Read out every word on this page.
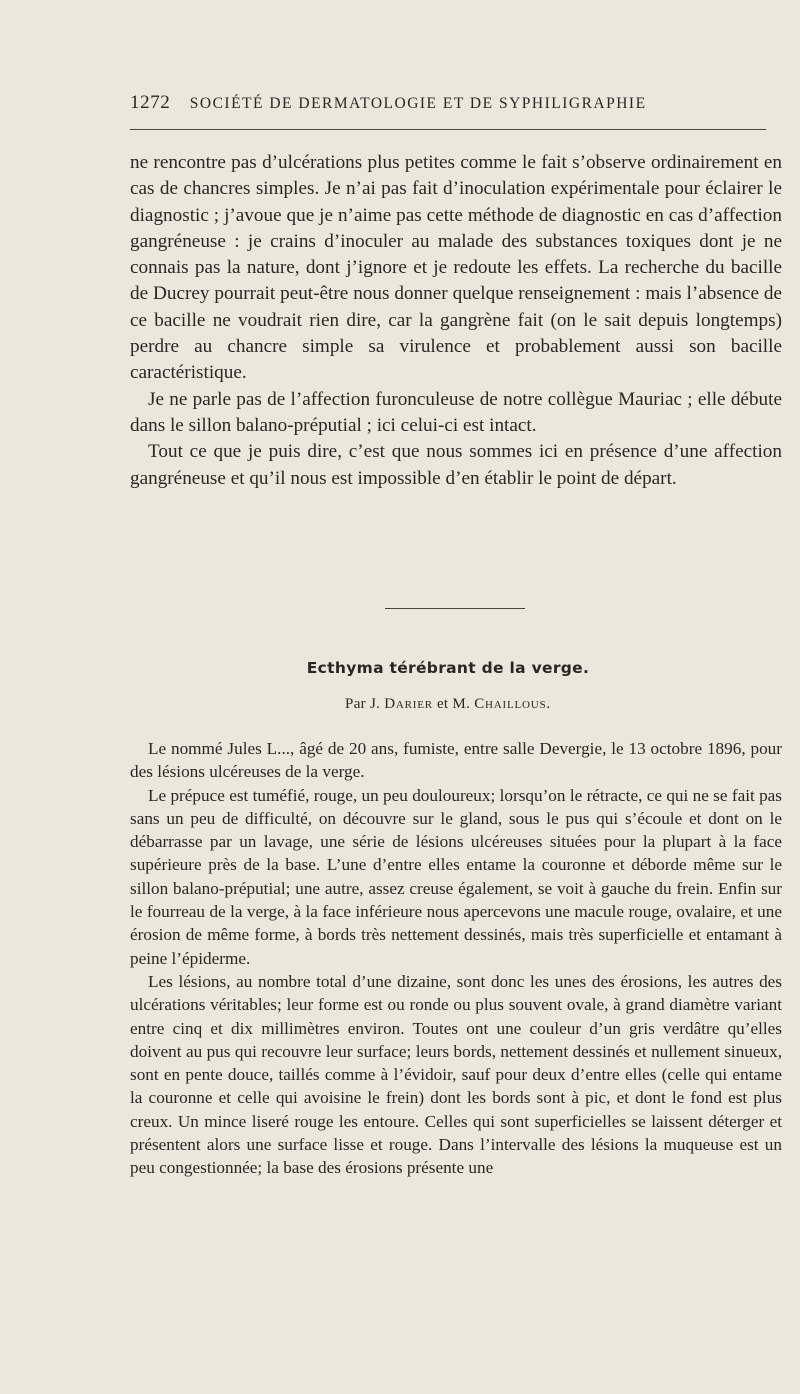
1272 SOCIÉTÉ DE DERMATOLOGIE ET DE SYPHILIGRAPHIE

ne rencontre pas d’ulcérations plus petites comme le fait s’observe ordinairement en cas de chancres simples. Je n’ai pas fait d’inoculation expérimentale pour éclairer le diagnostic ; j’avoue que je n’aime pas cette méthode de diagnostic en cas d’affection gangréneuse : je crains d’inoculer au malade des substances toxiques dont je ne connais pas la nature, dont j’ignore et je redoute les effets. La recherche du bacille de Ducrey pourrait peut-être nous donner quelque renseignement : mais l’absence de ce bacille ne voudrait rien dire, car la gangrène fait (on le sait depuis longtemps) perdre au chancre simple sa virulence et probablement aussi son bacille caractéristique.

Je ne parle pas de l’affection furonculeuse de notre collègue Mauriac ; elle débute dans le sillon balano-préputial ; ici celui-ci est intact.

Tout ce que je puis dire, c’est que nous sommes ici en présence d’une affection gangréneuse et qu’il nous est impossible d’en établir le point de départ.

Ecthyma térébrant de la verge.
Par J. Darier et M. Chaillous.

Le nommé Jules L..., âgé de 20 ans, fumiste, entre salle Devergie, le 13 octobre 1896, pour des lésions ulcéreuses de la verge.

Le prépuce est tuméfié, rouge, un peu douloureux; lorsqu’on le rétracte, ce qui ne se fait pas sans un peu de difficulté, on découvre sur le gland, sous le pus qui s’écoule et dont on le débarrasse par un lavage, une série de lésions ulcéreuses situées pour la plupart à la face supérieure près de la base. L’une d’entre elles entame la couronne et déborde même sur le sillon balano-préputial; une autre, assez creuse également, se voit à gauche du frein. Enfin sur le fourreau de la verge, à la face inférieure nous apercevons une macule rouge, ovalaire, et une érosion de même forme, à bords très nettement dessinés, mais très superficielle et entamant à peine l’épiderme.

Les lésions, au nombre total d’une dizaine, sont donc les unes des érosions, les autres des ulcérations véritables; leur forme est ou ronde ou plus souvent ovale, à grand diamètre variant entre cinq et dix millimètres environ. Toutes ont une couleur d’un gris verdâtre qu’elles doivent au pus qui recouvre leur surface; leurs bords, nettement dessinés et nullement sinueux, sont en pente douce, taillés comme à l’évidoir, sauf pour deux d’entre elles (celle qui entame la couronne et celle qui avoisine le frein) dont les bords sont à pic, et dont le fond est plus creux. Un mince liseré rouge les entoure. Celles qui sont superficielles se laissent déterger et présentent alors une surface lisse et rouge. Dans l’intervalle des lésions la muqueuse est un peu congestionnée; la base des érosions présente une
